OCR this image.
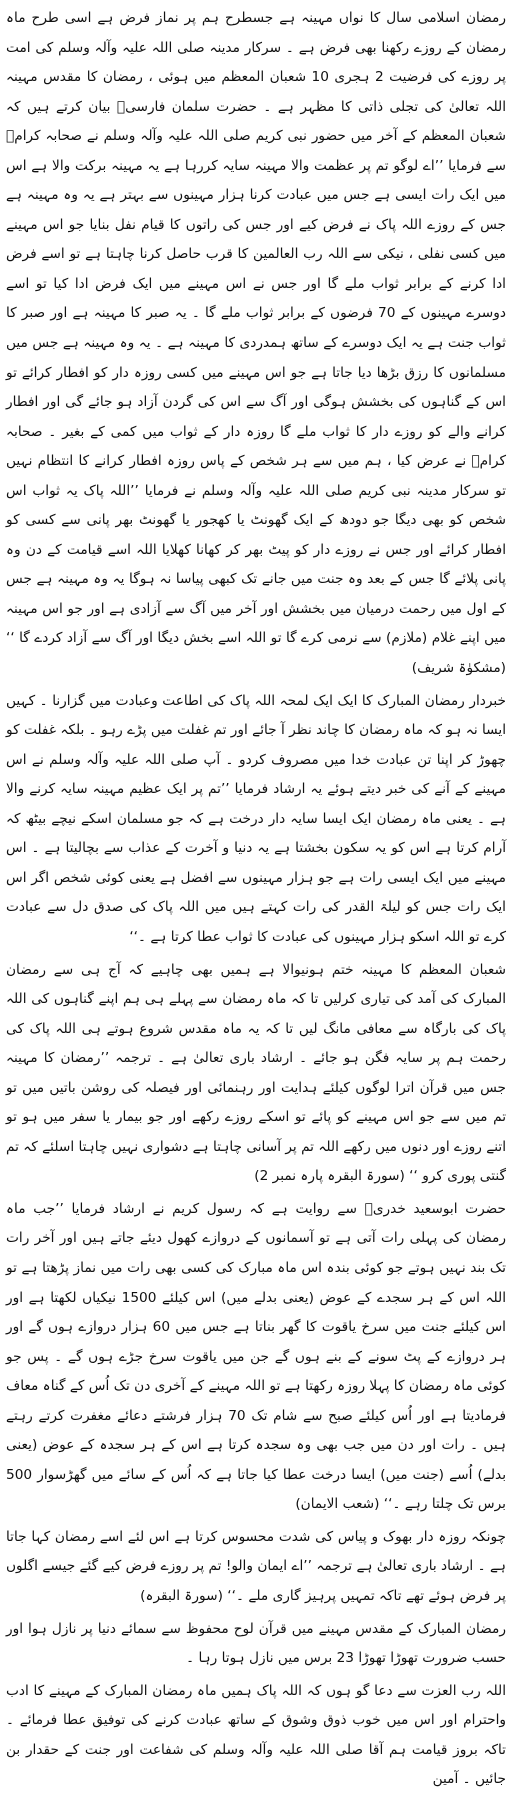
رمضان اسلامی سال کا نواں مہینہ ہے جسطرح ہم پر نماز فرض ہے اسی طرح ماہ رمضان کے روزے رکھنا بھی فرض ہے ۔ سرکار مدینہ صلی اللہ علیہ وآلہ وسلم کی امت پر روزے کی فرضیت 2 ہجری 10 شعبان المعظم میں ہوئی ، رمضان کا مقدس مہینہ اللہ تعالیٰ کی تجلی ذاتی کا مظہر ہے ۔ حضرت سلمان فارسیؓ بیان کرتے ہیں کہ شعبان المعظم کے آخر میں حضور نبی کریم صلی اللہ علیہ وآلہ وسلم نے صحابہ کرامؓ سے فرمایا ’’اے لوگو تم پر عظمت والا مہینہ سایہ کررہا ہے یہ مہینہ برکت والا ہے اس میں ایک رات ایسی ہے جس میں عبادت کرنا ہزار مہینوں سے بہتر ہے یہ وہ مہینہ ہے جس کے روزے اللہ پاک نے فرض کیے اور جس کی راتوں کا قیام نفل بنایا جو اس مہینے میں کسی نفلی ، نیکی سے اللہ رب العالمین کا قرب حاصل کرنا چاہتا ہے تو اسے فرض ادا کرنے کے برابر ثواب ملے گا اور جس نے اس مہینے میں ایک فرض ادا کیا تو اسے دوسرے مہینوں کے 70 فرضوں کے برابر ثواب ملے گا ۔ یہ صبر کا مہینہ ہے اور صبر کا ثواب جنت ہے یہ ایک دوسرے کے ساتھ ہمدردی کا مہینہ ہے ۔ یہ وہ مہینہ ہے جس میں مسلمانوں کا رزق بڑھا دیا جاتا ہے جو اس مہینے میں کسی روزہ دار کو افطار کرائے تو اس کے گناہوں کی بخشش ہوگی اور آگ سے اس کی گردن آزاد ہو جائے گی اور افطار کرانے والے کو روزے دار کا ثواب ملے گا روزہ دار کے ثواب میں کمی کے بغیر ۔ صحابہ کرامؓ نے عرض کیا ، ہم میں سے ہر شخص کے پاس روزہ افطار کرانے کا انتظام نہیں تو سرکار مدینہ نبی کریم صلی اللہ علیہ وآلہ وسلم نے فرمایا ’’اللہ پاک یہ ثواب اس شخص کو بھی دیگا جو دودھ کے ایک گھونٹ یا کھجور یا گھونٹ بھر پانی سے کسی کو افطار کرائے اور جس نے روزے دار کو پیٹ بھر کر کھانا کھلایا اللہ اسے قیامت کے دن وہ پانی پلائے گا جس کے بعد وہ جنت میں جانے تک کبھی پیاسا نہ ہوگا یہ وہ مہینہ ہے جس کے اول میں رحمت درمیان میں بخشش اور آخر میں آگ سے آزادی ہے اور جو اس مہینہ میں اپنے غلام (ملازم) سے نرمی کرے گا تو اللہ اسے بخش دیگا اور آگ سے آزاد کردے گا ‘‘ (مشکوٰۃ شریف)

خبردار رمضان المبارک کا ایک ایک لمحہ اللہ پاک کی اطاعت وعبادت میں گزارنا ۔ کہیں ایسا نہ ہو کہ ماہ رمضان کا چاند نظر آ جائے اور تم غفلت میں پڑے رہو ۔ بلکہ غفلت کو چھوڑ کر اپنا تن عبادت خدا میں مصروف کردو ۔ آپ صلی اللہ علیہ وآلہ وسلم نے اس مہینے کے آنے کی خبر دیتے ہوئے یہ ارشاد فرمایا ’’تم پر ایک عظیم مہینہ سایہ کرنے والا ہے ۔ یعنی ماہ رمضان ایک ایسا سایہ دار درخت ہے کہ جو مسلمان اسکے نیچے بیٹھ کہ آرام کرتا ہے اس کو یہ سکون بخشتا ہے یہ دنیا و آخرت کے عذاب سے بچالیتا ہے ۔ اس مہینے میں ایک ایسی رات ہے جو ہزار مہینوں سے افضل ہے یعنی کوئی شخص اگر اس ایک رات جس کو لیلۃ القدر کی رات کہتے ہیں میں اللہ پاک کی صدق دل سے عبادت کرے تو اللہ اسکو ہزار مہینوں کی عبادت کا ثواب عطا کرتا ہے ۔‘‘

شعبان المعظم کا مہینہ ختم ہونیوالا ہے ہمیں بھی چاہیے کہ آج ہی سے رمضان المبارک کی آمد کی تیاری کرلیں تا کہ ماہ رمضان سے پہلے ہی ہم اپنے گناہوں کی اللہ پاک کی بارگاہ سے معافی مانگ لیں تا کہ یہ ماہ مقدس شروع ہوتے ہی اللہ پاک کی رحمت ہم پر سایہ فگن ہو جائے ۔ ارشاد باری تعالیٰ ہے ۔ ترجمہ ’’رمضان کا مہینہ جس میں قرآن اترا لوگوں کیلئے ہدایت اور رہنمائی اور فیصلہ کی روشن باتیں میں تو تم میں سے جو اس مہینے کو پائے تو اسکے روزے رکھے اور جو بیمار یا سفر میں ہو تو اتنے روزے اور دنوں میں رکھے اللہ تم پر آسانی چاہتا ہے دشواری نہیں چاہتا اسلئے کہ تم گنتی پوری کرو ‘‘ (سورۃ البقرہ پارہ نمبر 2)

حضرت ابوسعید خدریؓ سے روایت ہے کہ رسول کریم نے ارشاد فرمایا ’’جب ماہ رمضان کی پہلی رات آتی ہے تو آسمانوں کے دروازے کھول دیئے جاتے ہیں اور آخر رات تک بند نہیں ہوتے جو کوئی بندہ اس ماہ مبارک کی کسی بھی رات میں نماز پڑھتا ہے تو اللہ اس کے ہر سجدے کے عوض (یعنی بدلے میں) اس کیلئے 1500 نیکیاں لکھتا ہے اور اس کیلئے جنت میں سرخ یاقوت کا گھر بناتا ہے جس میں 60 ہزار دروازے ہوں گے اور ہر دروازے کے پٹ سونے کے بنے ہوں گے جن میں یاقوت سرخ جڑے ہوں گے ۔ پس جو کوئی ماہ رمضان کا پہلا روزہ رکھتا ہے تو اللہ مہینے کے آخری دن تک اُس کے گناہ معاف فرمادیتا ہے اور اُس کیلئے صبح سے شام تک 70 ہزار فرشتے دعائے مغفرت کرتے رہتے ہیں ۔ رات اور دن میں جب بھی وہ سجدہ کرتا ہے اس کے ہر سجدہ کے عوض (یعنی بدلے) اُسے (جنت میں) ایسا درخت عطا کیا جاتا ہے کہ اُس کے سائے میں گھڑسوار 500 برس تک چلتا رہے ۔‘‘ (شعب الایمان)

چونکہ روزہ دار بھوک و پیاس کی شدت محسوس کرتا ہے اس لئے اسے رمضان کہا جاتا ہے ۔ ارشاد باری تعالیٰ ہے ترجمہ ’’اے ایمان والو! تم پر روزے فرض کیے گئے جیسے اگلوں پر فرض ہوئے تھے تاکہ تمہیں پرہیز گاری ملے ۔‘‘ (سورۃ البقرہ)

رمضان المبارک کے مقدس مہینے میں قرآن لوح محفوظ سے سمائے دنیا پر نازل ہوا اور حسب ضرورت تھوڑا تھوڑا 23 برس میں نازل ہوتا رہا ۔

اللہ رب العزت سے دعا گو ہوں کہ اللہ پاک ہمیں ماہ رمضان المبارک کے مہینے کا ادب واحترام اور اس میں خوب ذوق وشوق کے ساتھ عبادت کرنے کی توفیق عطا فرمائے ۔ تاکہ بروز قیامت ہم آقا صلی اللہ علیہ وآلہ وسلم کی شفاعت اور جنت کے حقدار بن جائیں ۔ آمین
